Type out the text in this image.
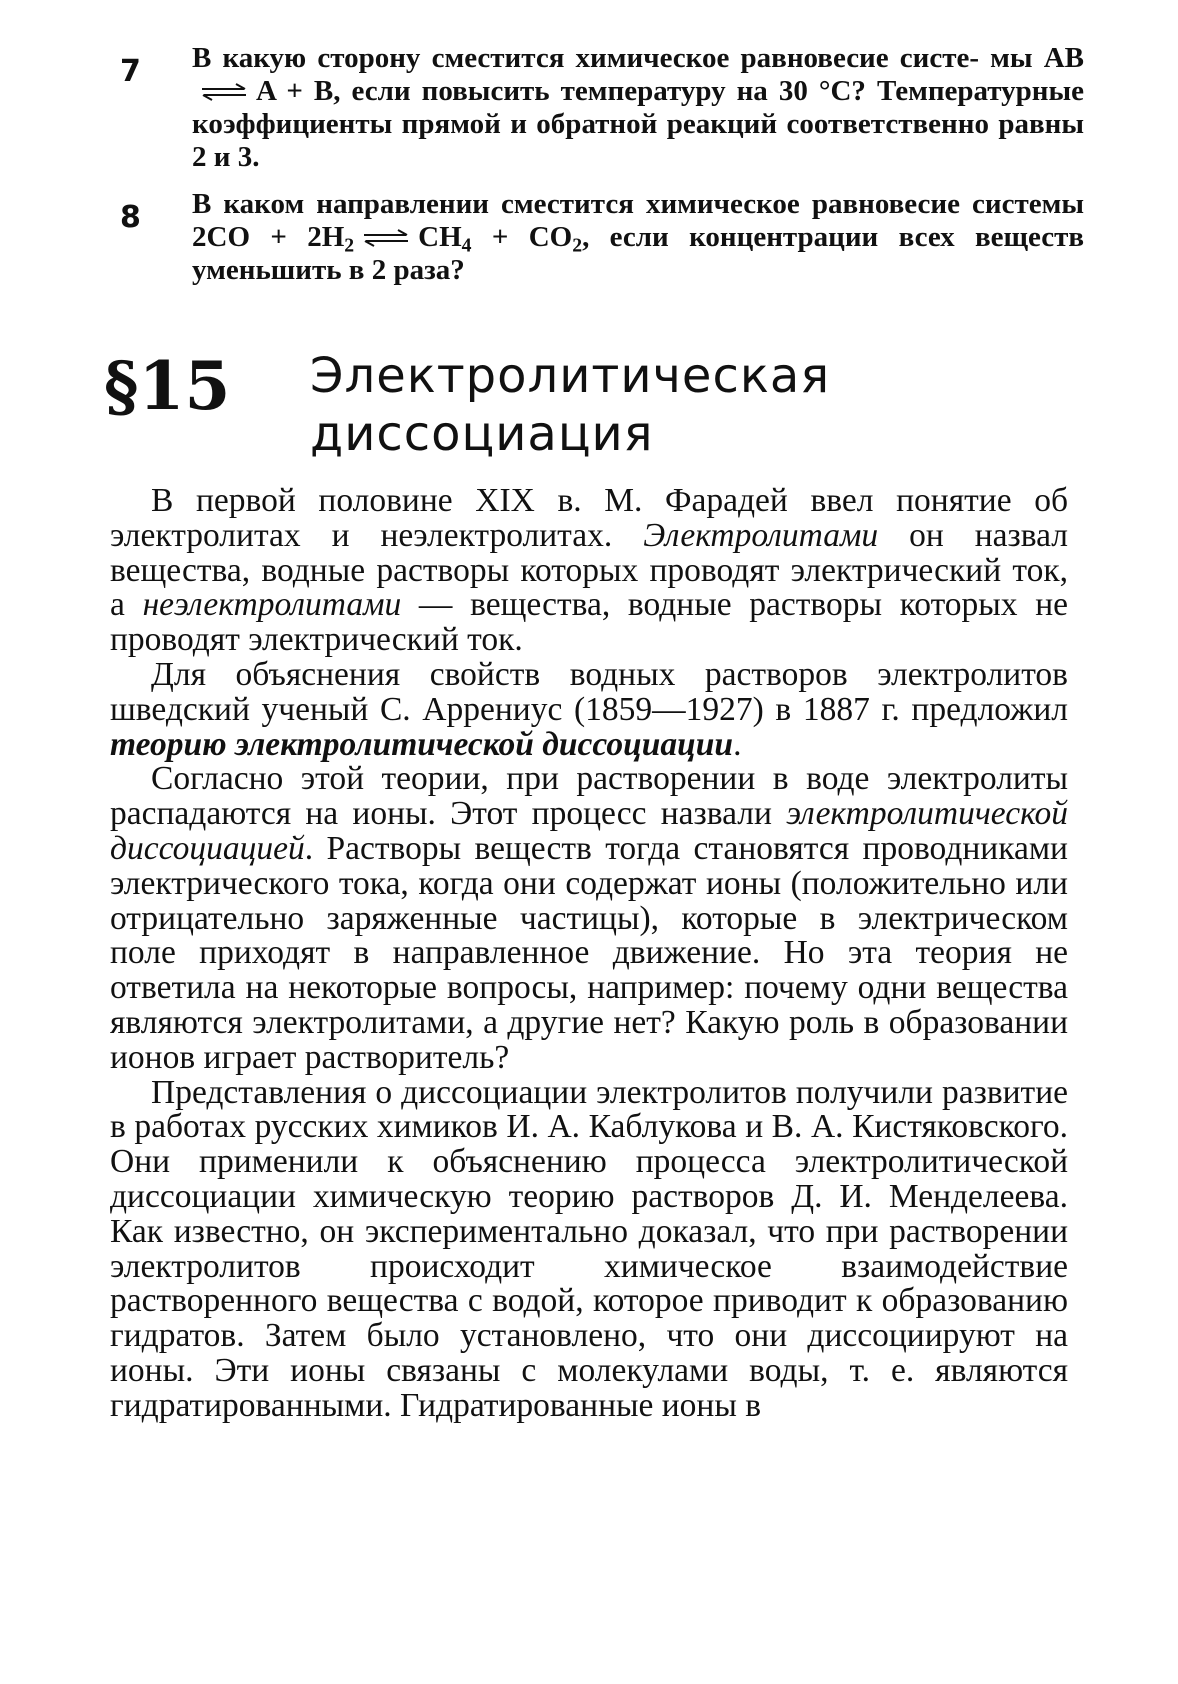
7 В какую сторону сместится химическое равновесие систе- мы AB⇌ A + B, если повысить температуру на 30 °C? Температурные коэффициенты прямой и обратной реакций соответственно равны 2 и 3.
8 В каком направлении сместится химическое равновесие системы $2CO + 2H_2$ ⇌ $CH_4 + CO_2$, если концентрации всех веществ уменьшить в 2 раза?
§15 Электролитическая
диссоциация

В первой половине XIX в. М. Фарадей ввел понятие об электролитах и неэлектролитах. Электролитами он назвал вещества, водные растворы которых проводят электрический ток, а неэлектролитами — вещества, водные растворы которых не проводят электрический ток.

Для объяснения свойств водных растворов электролитов шведский ученый С. Аррениус (1859—1927) в 1887 г. предложил теорию электролитической диссоциации.

Согласно этой теории, при растворении в воде электролиты распадаются на ионы. Этот процесс назвали электролитической диссоциацией. Растворы веществ тогда становятся проводниками электрического тока, когда они содержат ионы (положительно или отрицательно заряженные частицы), которые в электрическом поле приходят в направленное движение. Но эта теория не ответила на некоторые вопросы, например: почему одни вещества являются электролитами, а другие нет? Какую роль в образовании ионов играет растворитель?

Представления о диссоциации электролитов получили развитие в работах русских химиков И. А. Каблукова и В. А. Кистяковского. Они применили к объяснению процесса электролитической диссоциации химическую теорию растворов Д. И. Менделеева. Как известно, он экспериментально доказал, что при растворении электролитов происходит химическое взаимодействие растворенного вещества с водой, которое приводит к образованию гидратов. Затем было установлено, что они диссоциируют на ионы. Эти ионы связаны с молекулами воды, т. е. являются гидратированными. Гидратированные ионы в
